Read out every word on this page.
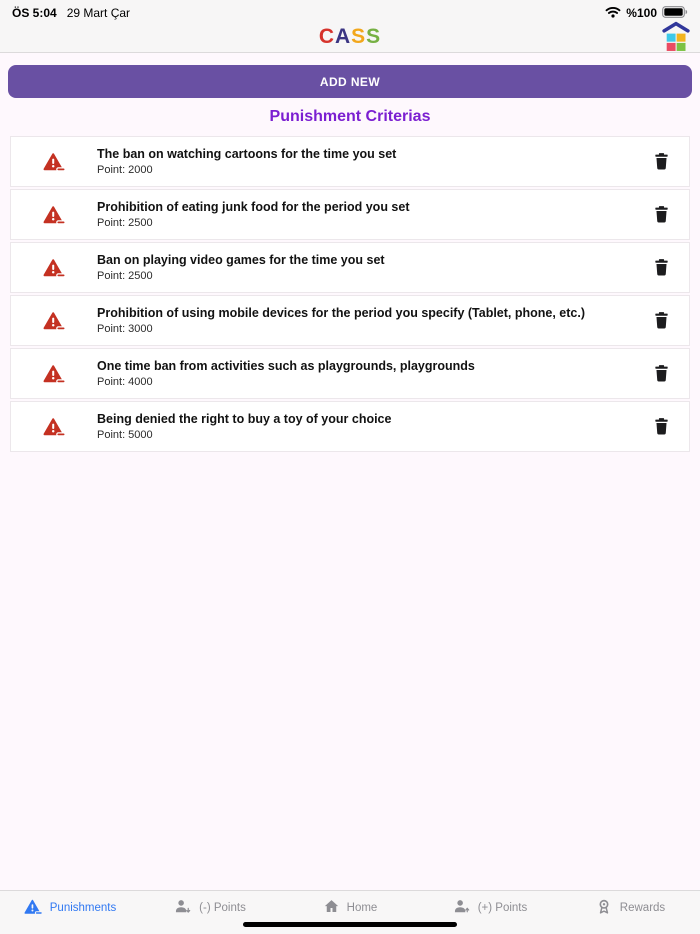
ÖS 5:04 29 Mart Çar	%100
C A S S
ADD NEW
Punishment Criterias
The ban on watching cartoons for the time you set
Point: 2000
Prohibition of eating junk food for the period you set
Point: 2500
Ban on playing video games for the time you set
Point: 2500
Prohibition of using mobile devices for the period you specify (Tablet, phone, etc.)
Point: 3000
One time ban from activities such as playgrounds, playgrounds
Point: 4000
Being denied the right to buy a toy of your choice
Point: 5000
Punishments	(-) Points	Home	(+) Points	Rewards
